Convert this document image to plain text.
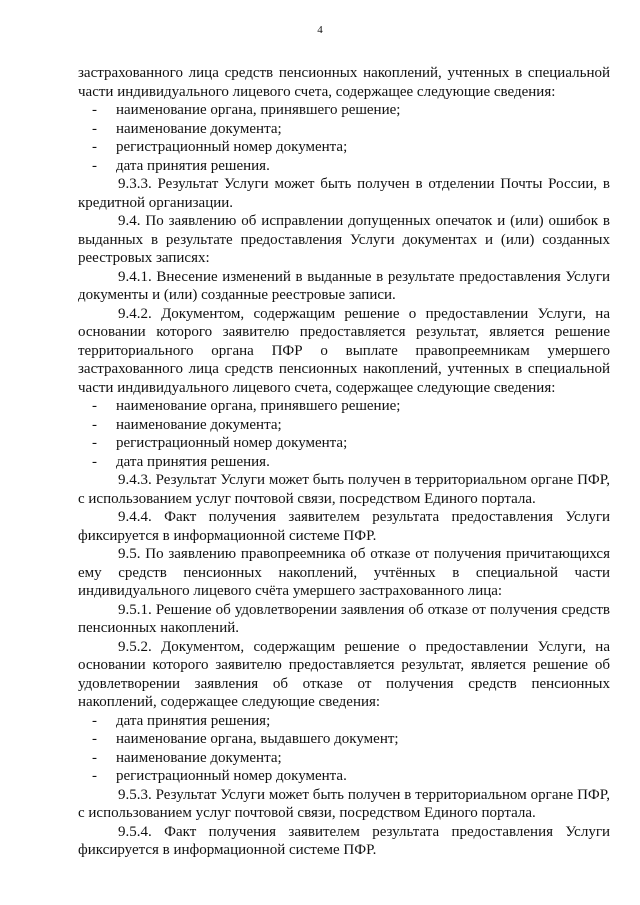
4

застрахованного лица средств пенсионных накоплений, учтенных в специальной

части индивидуального лицевого счета, содержащее следующие сведения:

- наименование органа, принявшего решение;

- наименование документа;

- регистрационный номер документа;

- дата принятия решения.

9.3.3. Результат Услуги может быть получен в отделении Почты России, в кредитной организации.

9.4. По заявлению об исправлении допущенных опечаток и (или) ошибок в выданных в результате предоставления Услуги документах и (или) созданных реестровых записях:

9.4.1. Внесение изменений в выданные в результате предоставления Услуги документы и (или) созданные реестровые записи.

9.4.2. Документом, содержащим решение о предоставлении Услуги, на основании которого заявителю предоставляется результат, является решение территориального органа ПФР о выплате правопреемникам умершего застрахованного лица средств пенсионных накоплений, учтенных в специальной части индивидуального лицевого счета, содержащее следующие сведения:

- наименование органа, принявшего решение;

- наименование документа;

- регистрационный номер документа;

- дата принятия решения.

9.4.3. Результат Услуги может быть получен в территориальном органе ПФР, с использованием услуг почтовой связи, посредством Единого портала.

9.4.4. Факт получения заявителем результата предоставления Услуги фиксируется в информационной системе ПФР.

9.5. По заявлению правопреемника об отказе от получения причитающихся ему средств пенсионных накоплений, учтённых в специальной части индивидуального лицевого счёта умершего застрахованного лица:

9.5.1. Решение об удовлетворении заявления об отказе от получения средств пенсионных накоплений.

9.5.2. Документом, содержащим решение о предоставлении Услуги, на основании которого заявителю предоставляется результат, является решение об удовлетворении заявления об отказе от получения средств пенсионных накоплений, содержащее следующие сведения:

- дата принятия решения;

- наименование органа, выдавшего документ;

- наименование документа;

- регистрационный номер документа.

9.5.3. Результат Услуги может быть получен в территориальном органе ПФР, с использованием услуг почтовой связи, посредством Единого портала.

9.5.4. Факт получения заявителем результата предоставления Услуги фиксируется в информационной системе ПФР.
